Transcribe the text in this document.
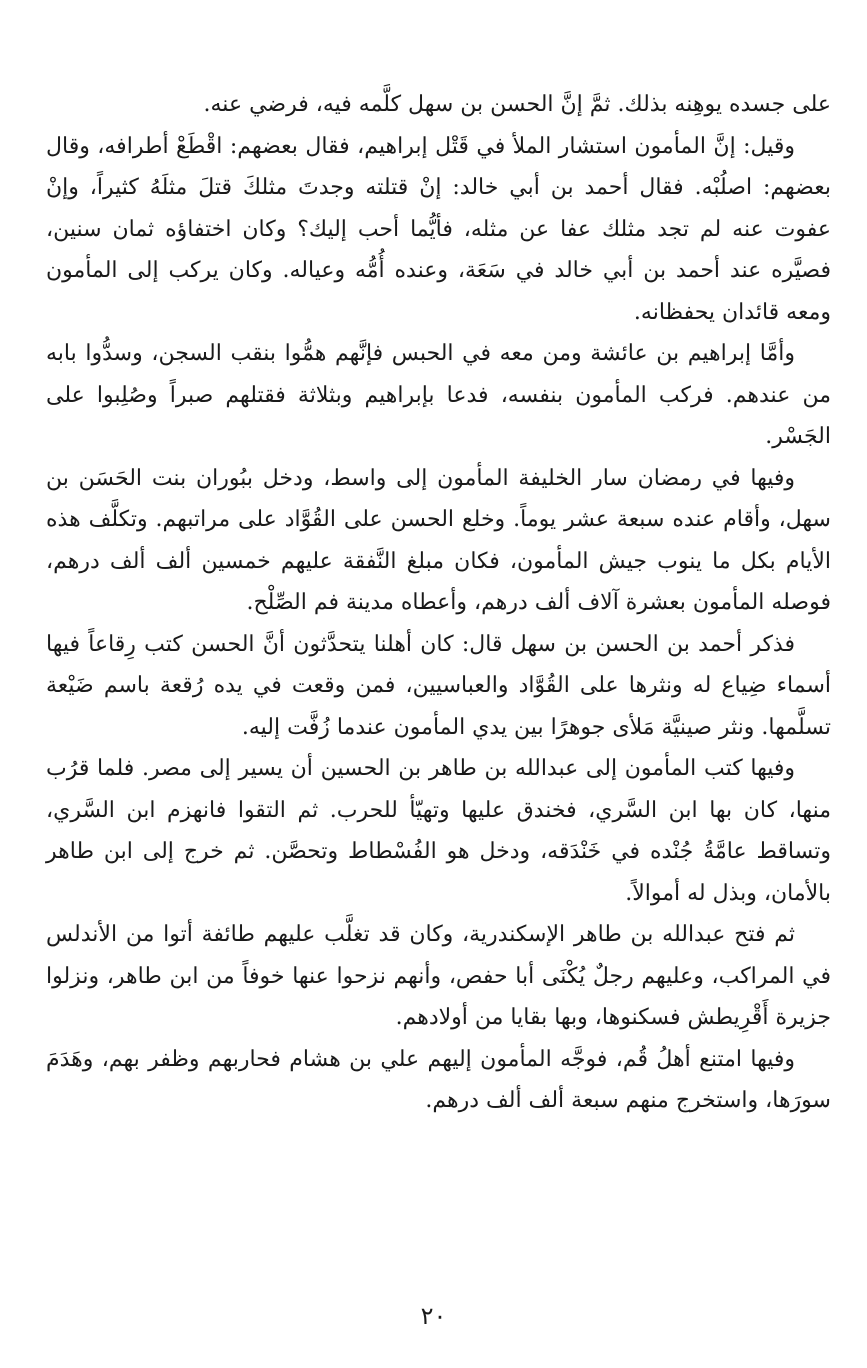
على جسده يوهِنه بذلك. ثمَّ إنَّ الحسن بن سهل كلَّمه فيه، فرضي عنه.

وقيل: إنَّ المأمون استشار الملأ في قَتْل إبراهيم، فقال بعضهم: اقْطَعْ أطرافه، وقال بعضهم: اصلُبْه. فقال أحمد بن أبي خالد: إنْ قتلته وجدتَ مثلكَ قتلَ مثلَهُ كثيراً، وإنْ عفوت عنه لم تجد مثلك عفا عن مثله، فأيُّما أحب إليك؟ وكان اختفاؤه ثمان سنين، فصيَّره عند أحمد بن أبي خالد في سَعَة، وعنده أُمُّه وعياله. وكان يركب إلى المأمون ومعه قائدان يحفظانه.

وأمَّا إبراهيم بن عائشة ومن معه في الحبس فإنَّهم همُّوا بنقب السجن، وسدُّوا بابه من عندهم. فركب المأمون بنفسه، فدعا بإبراهيم وبثلاثة فقتلهم صبراً وصُلِبوا على الجَسْر.

وفيها في رمضان سار الخليفة المأمون إلى واسط، ودخل ببُوران بنت الحَسَن بن سهل، وأقام عنده سبعة عشر يوماً. وخلع الحسن على القُوَّاد على مراتبهم. وتكلَّف هذه الأيام بكل ما ينوب جيش المأمون، فكان مبلغ النَّفقة عليهم خمسين ألف ألف درهم، فوصله المأمون بعشرة آلاف ألف درهم، وأعطاه مدينة فم الصِّلْح.

فذكر أحمد بن الحسن بن سهل قال: كان أهلنا يتحدَّثون أنَّ الحسن كتب رِقاعاً فيها أسماء ضِياع له ونثرها على القُوَّاد والعباسيين، فمن وقعت في يده رُقعة باسم ضَيْعة تسلَّمها. ونثر صينيَّة مَلأى جوهرًا بين يدي المأمون عندما زُفَّت إليه.

وفيها كتب المأمون إلى عبدالله بن طاهر بن الحسين أن يسير إلى مصر. فلما قرُب منها، كان بها ابن السَّري، فخندق عليها وتهيّأ للحرب. ثم التقوا فانهزم ابن السَّري، وتساقط عامَّةُ جُنْده في خَنْدَقه، ودخل هو الفُسْطاط وتحصَّن. ثم خرج إلى ابن طاهر بالأمان، وبذل له أموالاً.

ثم فتح عبدالله بن طاهر الإسكندرية، وكان قد تغلَّب عليهم طائفة أتوا من الأندلس في المراكب، وعليهم رجلٌ يُكْنَى أبا حفص، وأنهم نزحوا عنها خوفاً من ابن طاهر، ونزلوا جزيرة أَقْرِيطش فسكنوها، وبها بقايا من أولادهم.

وفيها امتنع أهلُ قُم، فوجَّه المأمون إليهم علي بن هشام فحاربهم وظفر بهم، وهَدَمَ سورَها، واستخرج منهم سبعة ألف ألف درهم.

٢٠
